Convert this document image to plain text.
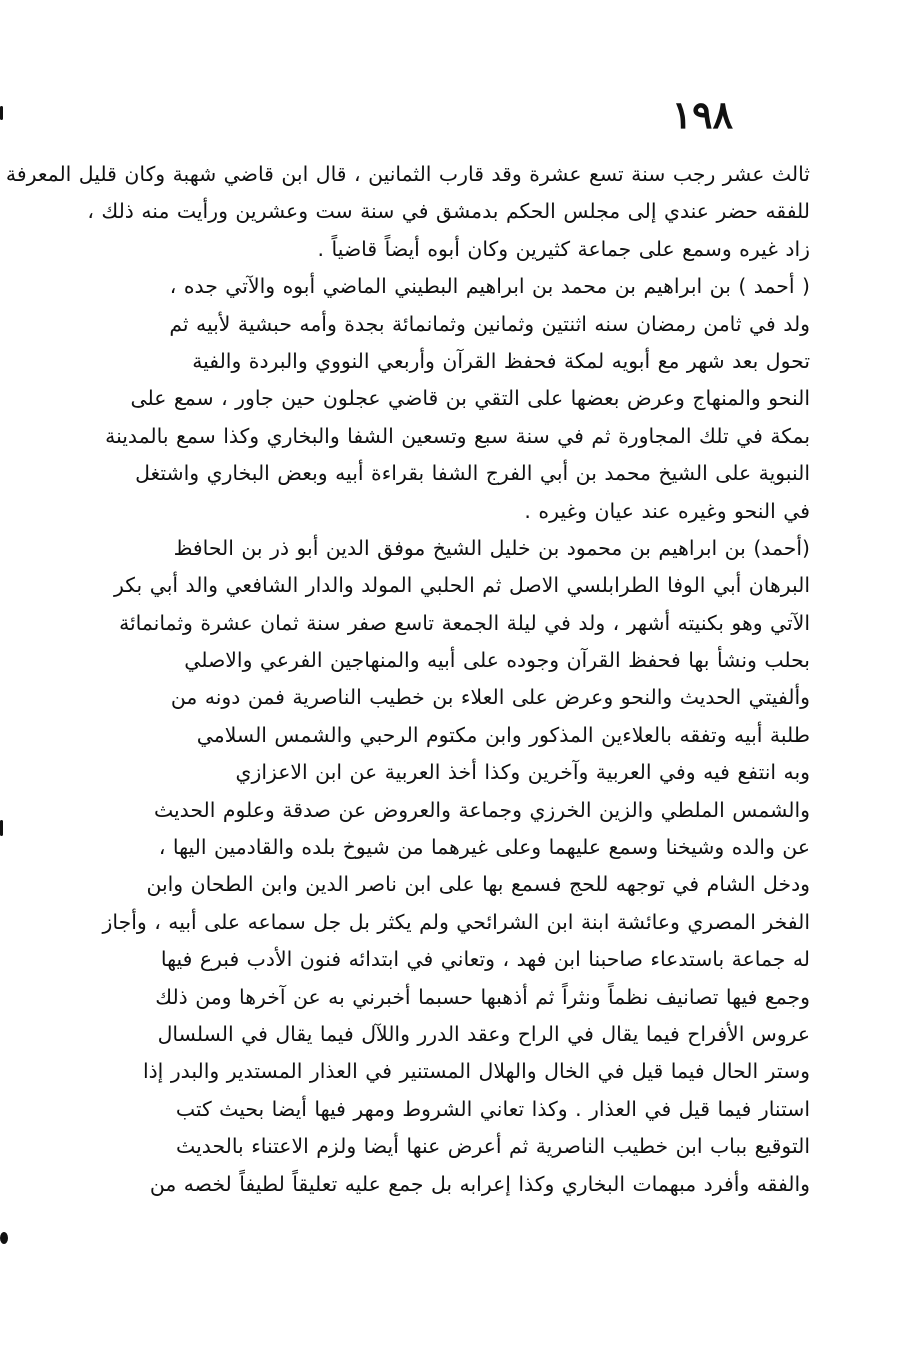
١٩٨
ثالث عشر رجب سنة تسع عشرة وقد قارب الثمانين ، قال ابن قاضي شهبة وكان قليل المعرفة
للفقه حضر عندي إلى مجلس الحكم بدمشق في سنة ست وعشرين ورأيت منه ذلك ،
زاد غيره وسمع على جماعة كثيرين وكان أبوه أيضاً قاضياً .
( أحمد ) بن ابراهيم بن محمد بن ابراهيم البطيني الماضي أبوه والآتي جده ،
ولد في ثامن رمضان سنه اثنتين وثمانين وثمانمائة بجدة وأمه حبشية لأبيه ثم
تحول بعد شهر مع أبويه لمكة فحفظ القرآن وأربعي النووي والبردة والفية
النحو والمنهاج وعرض بعضها على التقي بن قاضي عجلون حين جاور ، سمع على
بمكة في تلك المجاورة ثم في سنة سبع وتسعين الشفا والبخاري وكذا سمع بالمدينة
النبوية على الشيخ محمد بن أبي الفرج الشفا بقراءة أبيه وبعض البخاري واشتغل
في النحو وغيره عند عيان وغيره .
(أحمد) بن ابراهيم بن محمود بن خليل الشيخ موفق الدين أبو ذر بن الحافظ
البرهان أبي الوفا الطرابلسي الاصل ثم الحلبي المولد والدار الشافعي والد أبي بكر
الآتي وهو بكنيته أشهر ، ولد في ليلة الجمعة تاسع صفر سنة ثمان عشرة وثمانمائة
بحلب ونشأ بها فحفظ القرآن وجوده على أبيه والمنهاجين الفرعي والاصلي
وألفيتي الحديث والنحو وعرض على العلاء بن خطيب الناصرية فمن دونه من
طلبة أبيه وتفقه بالعلاءين المذكور وابن مكتوم الرحبي والشمس السلامي
وبه انتفع فيه وفي العربية وآخرين وكذا أخذ العربية عن ابن الاعزازي
والشمس الملطي والزين الخرزي وجماعة والعروض عن صدقة وعلوم الحديث
عن والده وشيخنا وسمع عليهما وعلى غيرهما من شيوخ بلده والقادمين اليها ،
ودخل الشام في توجهه للحج فسمع بها على ابن ناصر الدين وابن الطحان وابن
الفخر المصري وعائشة ابنة ابن الشرائحي ولم يكثر بل جل سماعه على أبيه ، وأجاز
له جماعة باستدعاء صاحبنا ابن فهد ، وتعاني في ابتدائه فنون الأدب فبرع فيها
وجمع فيها تصانيف نظماً ونثراً ثم أذهبها حسبما أخبرني به عن آخرها ومن ذلك
عروس الأفراح فيما يقال في الراح وعقد الدرر واللآل فيما يقال في السلسال
وستر الحال فيما قيل في الخال والهلال المستنير في العذار المستدير والبدر إذا
استنار فيما قيل في العذار . وكذا تعاني الشروط ومهر فيها أيضا بحيث كتب
التوقيع بباب ابن خطيب الناصرية ثم أعرض عنها أيضا ولزم الاعتناء بالحديث
والفقه وأفرد مبهمات البخاري وكذا إعرابه بل جمع عليه تعليقاً لطيفاً لخصه من
